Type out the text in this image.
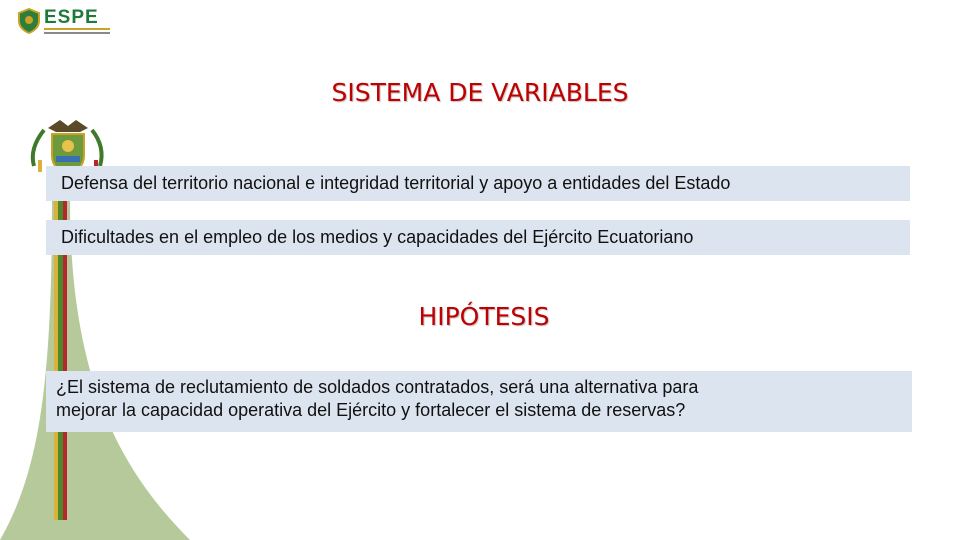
ESPE
SISTEMA DE VARIABLES
Defensa del territorio nacional e integridad territorial y apoyo a entidades del Estado
Dificultades en el empleo de los medios y capacidades del Ejército Ecuatoriano
HIPÓTESIS
¿El sistema de reclutamiento de soldados contratados, será una alternativa para
mejorar la capacidad operativa del Ejército y fortalecer el sistema de reservas?
